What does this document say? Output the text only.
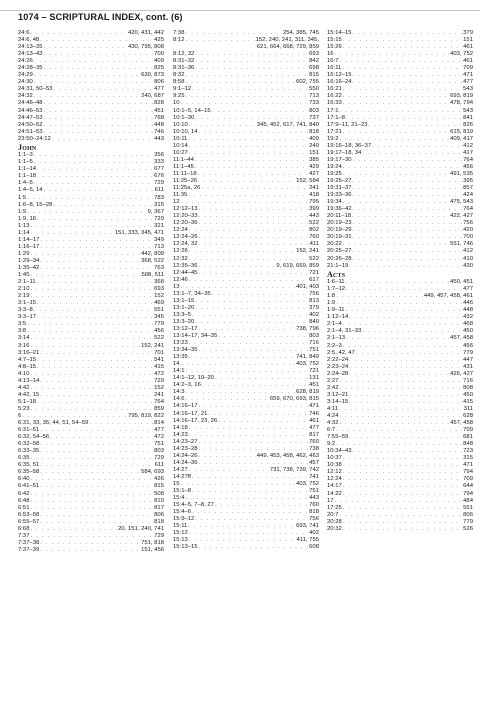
1074 – SCRIPTURAL INDEX, cont. (6)
24:6 . . .	420, 431, 442
24:6, 48 . . .	425
24:13–35 . . .	430, 795, 808
24:13–43 . . .	700
24:26 . . .	409
24:28–35 . . .	825
24:29 . . .	630, 873
24:30 . . .	806
24:31, 50–53 . . .	477
24:32 . . .	240, 687
24:46–48 . . .	828
24:46–53 . . .	451
24:47–53 . . .	768
24:50–52 . . .	448
24:51–53 . . .	746
23:50–24:12 . . .	443
John
1:1–3 . . .	356
1:1–5 . . .	333
1:1–14 . . .	677
1:1–18 . . .	676
1:4–5 . . .	729
1:4–5, 14 . . .	611
1:5 . . .	783
1:6–8, 15–28 . . .	315
1:9 . . .	9, 367
1:9, 16 . . .	729
1:13 . . .	321
1:14 . . .	151, 333, 345, 471
1:14–17 . . .	349
1:16–17 . . .	713
1:29 . . .	442, 809
1:29–34 . . .	368, 522
1:35–42 . . .	763
1:45 . . .	508, 511
2:1–11 . . .	368
2:10 . . .	693
2:19 . . .	152
3:1–15 . . .	469
3:3–8 . . .	551
3:3–17 . . .	345
3:5 . . .	779
3:8 . . .	456
3:14 . . .	522
3:16 . . .	152, 241
3:16–21 . . .	701
4:7–15 . . .	541
4:8–15 . . .	415
4:10 . . .	472
4:13–14 . . .	729
4:42 . . .	152
4:42, 15 . . .	241
5:1–18 . . .	764
5:23 . . .	859
6 . . .	795, 819, 822
6:31, 33, 35, 44, 51, 54–59 . . .	814
6:31–51 . . .	477
6:32, 54–56 . . .	472
6:32–58 . . .	751
6:33–35 . . .	803
6:35 . . .	729
6:35, 51 . . .	611
6:35–58 . . .	584, 693
6:40 . . .	426
6:41–51 . . .	815
6:42 . . .	508
6:48 . . .	810
6:51 . . .	817
6:53–58 . . .	806
6:55–57 . . .	818
6:68 . . .	20, 151, 240, 741
7:37 . . .	729
7:37–38 . . .	751, 818
7:37–39 . . .	151, 456
7:38 . . .	254, 385, 745
8:12 . . .	152, 240, 241, 311, 345,
621, 664, 668, 729, 859
8:12, 32 . . .	693
8:31–32 . . .	842
8:31–36 . . .	698
8:32 . . .	815
8:58 . . .	602, 755
9:1–12 . . .	550
9:25 . . .	713
10 . . .	733
10:1–5, 14–15 . . .	803
10:1–30 . . .	737
10:10 . . .	345, 452, 617, 741, 840
10:10, 14 . . .	818
10:11 . . .	409
10:14 . . .	240
10:27 . . .	151
11:1–44 . . .	385
11:1–45 . . .	429
11:11–18 . . .	427
11:25–26 . . .	152, 584
11:25a, 26 . . .	241
11:35 . . .	418
12 . . .	795
12:12–13 . . .	399
12:20–33 . . .	443
12:20–36 . . .	522
12:24 . . .	802
12:24–26 . . .	760
12:24, 32 . . .	411
12:26 . . .	152, 241
12:32 . . .	522
12:35–36 . . .	9, 619, 669, 859
12:44–45 . . .	721
12:46 . . .	617
13 . . .	401, 403
13:1–7, 34–35 . . .	756
13:1–15 . . .	813
13:1–20 . . .	379
13:3–5 . . .	402
13:3–20 . . .	840
13:12–17 . . .	738, 796
13:14–17, 34–35 . . .	803
13:23 . . .	716
13:34–35 . . .	751
13:35 . . .	741, 849
14 . . .	403, 752
14:1 . . .	721
14:1–12, 19–20 . . .	131
14:2–3, 16 . . .	451
14:3 . . .	628, 819
14:6 . . .	659, 670, 693, 815
14:16–17 . . .	471
14:16–17, 21 . . .	746
14:16–17, 23, 26 . . .	461
14:18 . . .	477
14:23 . . .	817
14:23–27 . . .	760
14:23–28 . . .	738
14:24–26 . . .	449, 453, 458, 462, 463
14:24–36 . . .	457
14:27 . . .	731, 738, 739, 742
14:27ff . . .	741
15 . . .	403, 752
15:1–8 . . .	751
15:4 . . .	443
15:4–5, 7–8, 27 . . .	760
15:4–6 . . .	818
15:9–12 . . .	756
15:11 . . .	693, 741
15:12 . . .	402
15:13 . . .	411, 755
15:13–15 . . .	608
15:14–15 . . .	379
15:15 . . .	151
15:26 . . .	461
16 . . .	403, 752
16:7 . . .	461
16:11 . . .	709
16:12–15 . . .	471
16:16–24 . . .	477
16:21 . . .	543
16:22 . . .	693, 819
16:33 . . .	478, 794
17:1 . . .	543
17:1–8 . . .	841
17:9–11, 21–23 . . .	826
17:21 . . .	615, 819
19:2 . . .	409, 417
19:16–18, 36–37 . . .	412
19:17–18, 34 . . .	417
19:17–30 . . .	764
19:24 . . .	456
19:25 . . .	491, 535
19:25–27 . . .	395
19:31–37 . . .	857
19:33–36 . . .	424
19:34 . . .	475, 543
19:36–42 . . .	764
20:11–18 . . .	422, 427
20:19–23 . . .	756
20:19–29 . . .	420
20:19–31 . . .	700
20:22 . . .	551, 746
20:25–27 . . .	412
20:26–28 . . .	410
21:1–19 . . .	430
Acts
1:6–11 . . .	450, 451
1:7–12 . . .	477
1:8 . . .	449, 457, 458, 461
1:9 . . .	446
1:9–11 . . .	448
1:12–14 . . .	432
2:1–4 . . .	468
2:1–4, 31–33 . . .	450
2:1–13 . . .	457, 458
2:2–3 . . .	456
2:5, 42, 47 . . .	779
2:22–24 . . .	447
2:23–24 . . .	431
2:24–28 . . .	426, 427
2:27 . . .	716
2:42 . . .	808
3:12–21 . . .	450
3:14–15 . . .	415
4:11 . . .	311
4:24 . . .	628
4:32 . . .	457, 458
6:7 . . .	709
7:55–59 . . .	681
9:2 . . .	848
10:34–43 . . .	723
10:37 . . .	315
10:38 . . .	471
12:12 . . .	794
12:24 . . .	709
14:17 . . .	644
14:22 . . .	794
17 . . .	484
17:25 . . .	551
20:7 . . .	806
20:28 . . .	779
20:32 . . .	526
